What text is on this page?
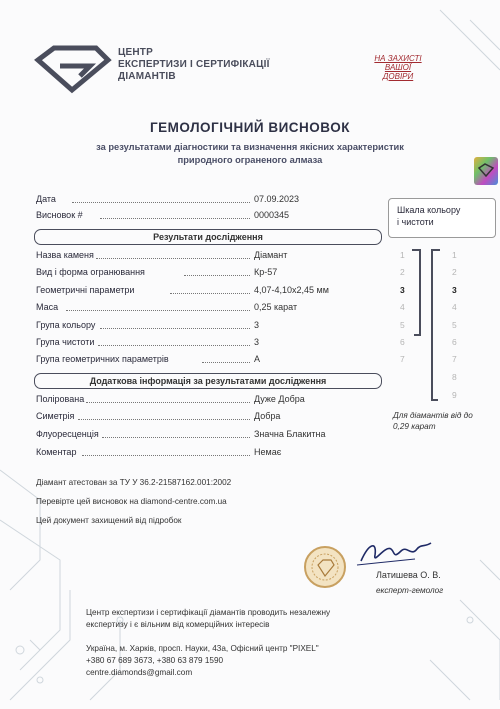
ЦЕНТР
ЕКСПЕРТИЗИ І СЕРТИФІКАЦІЇ
ДІАМАНТІВ
НА ЗАХИСТІ
ВАШОЇ
ДОВІРИ
ГЕМОЛОГІЧНИЙ ВИСНОВОК
за результатами діагностики та визначення якісних характеристик
природного ограненого алмаза
Дата	07.09.2023
Висновок #	0000345
Результати дослідження
Назва каменя	Діамант
Вид і форма огранювання	Кр-57
Геометричні параметри	4,07-4,10х2,45 мм
Маса	0,25 карат
Група кольору	3
Група чистоти	3
Група геометричних параметрів	А
Додаткова інформація за результатами дослідження
Полірована	Дуже Добра
Симетрія	Добра
Флуоресценція	Значна Блакитна
Коментар	Немає
Шкала кольору
і чистоти
1
2
3
4
5
6
7
1
2
3
4
5
6
7
8
9
Для діамантів від до
0,29 карат
Діамант атестован за ТУ У 36.2-21587162.001:2002
Перевірте цей висновок на diamond-centre.com.ua
Цей документ захищений від підробок
Латишева О. В.
експерт-гемолог
Центр експертизи і сертифікації діамантів проводить незалежну
експертизу і є вільним від комерційних інтересів
Україна, м. Харків, просп. Науки, 43а, Офісний центр "PIXEL"
+380 67 689 3673, +380 63 879 1590
centre.diamonds@gmail.com
